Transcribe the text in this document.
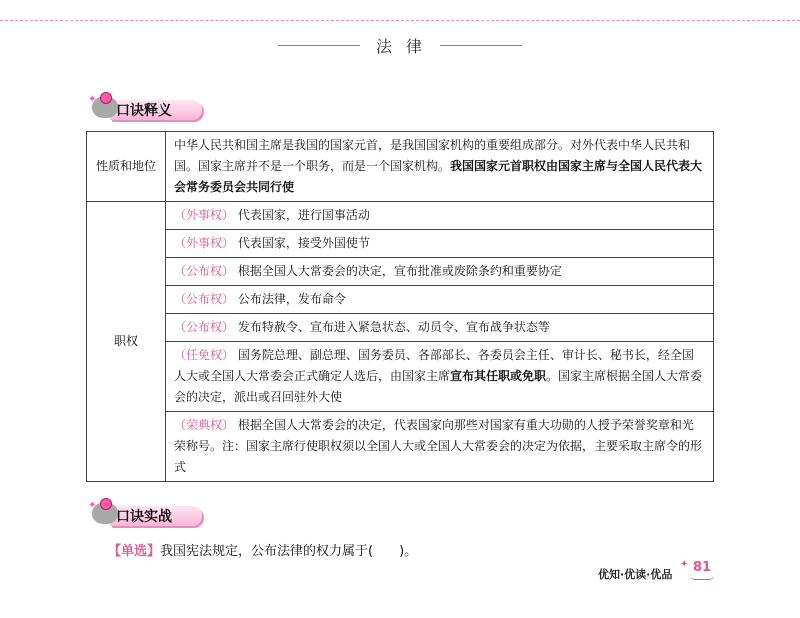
法律
✦
口诀释义
性质和地位	中华人民共和国主席是我国的国家元首，是我国国家机构的重要组成部分。对外代表中华人民共和国。国家主席并不是一个职务，而是一个国家机构。我国国家元首职权由国家主席与全国人民代表大会常务委员会共同行使
职权	（外事权） 代表国家，进行国事活动
	（外事权） 代表国家，接受外国使节
	（公布权） 根据全国人大常委会的决定，宣布批准或废除条约和重要协定
	（公布权） 公布法律，发布命令
	（公布权） 发布特赦令、宣布进入紧急状态、动员令、宣布战争状态等
	（任免权） 国务院总理、副总理、国务委员、各部部长、各委员会主任、审计长、秘书长，经全国人大或全国人大常委会正式确定人选后，由国家主席宣布其任职或免职。国家主席根据全国人大常委会的决定，派出或召回驻外大使
	（荣典权） 根据全国人大常委会的决定，代表国家向那些对国家有重大功勋的人授予荣誉奖章和光荣称号。注：国家主席行使职权须以全国人大或全国人大常委会的决定为依据，主要采取主席令的形式
✦
口诀实战
【单选】我国宪法规定，公布法律的权力属于(　　)。
优知·优读·优品
✦ 81
